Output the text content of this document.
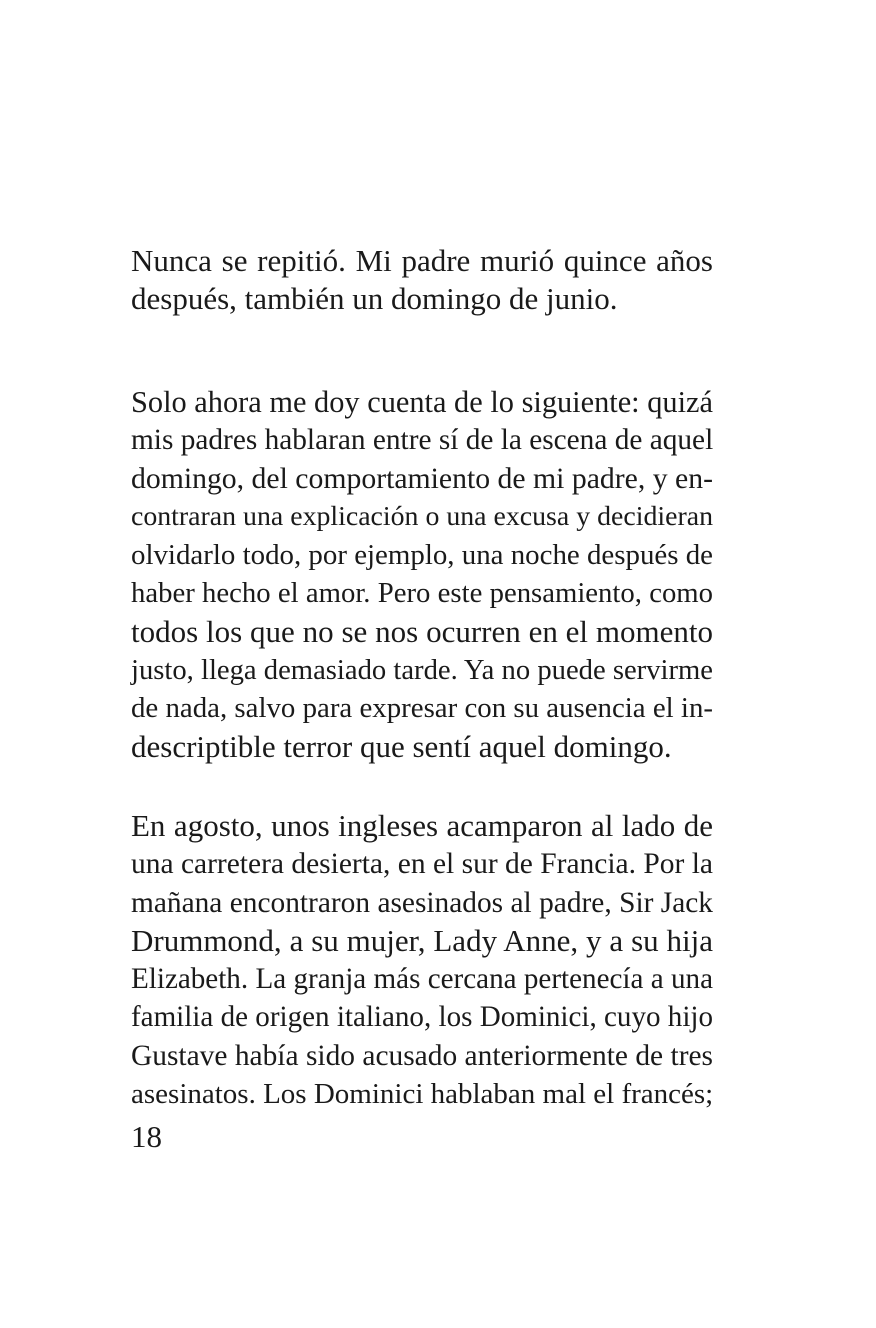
Nunca se repitió. Mi padre murió quince años
después, también un domingo de junio.
Solo ahora me doy cuenta de lo siguiente: quizá
mis padres hablaran entre sí de la escena de aquel
domingo, del comportamiento de mi padre, y en-
contraran una explicación o una excusa y decidieran
olvidarlo todo, por ejemplo, una noche después de
haber hecho el amor. Pero este pensamiento, como
todos los que no se nos ocurren en el momento
justo, llega demasiado tarde. Ya no puede servirme
de nada, salvo para expresar con su ausencia el in-
descriptible terror que sentí aquel domingo.
En agosto, unos ingleses acamparon al lado de
una carretera desierta, en el sur de Francia. Por la
mañana encontraron asesinados al padre, Sir Jack
Drummond, a su mujer, Lady Anne, y a su hija
Elizabeth. La granja más cercana pertenecía a una
familia de origen italiano, los Dominici, cuyo hijo
Gustave había sido acusado anteriormente de tres
asesinatos. Los Dominici hablaban mal el francés;
18
